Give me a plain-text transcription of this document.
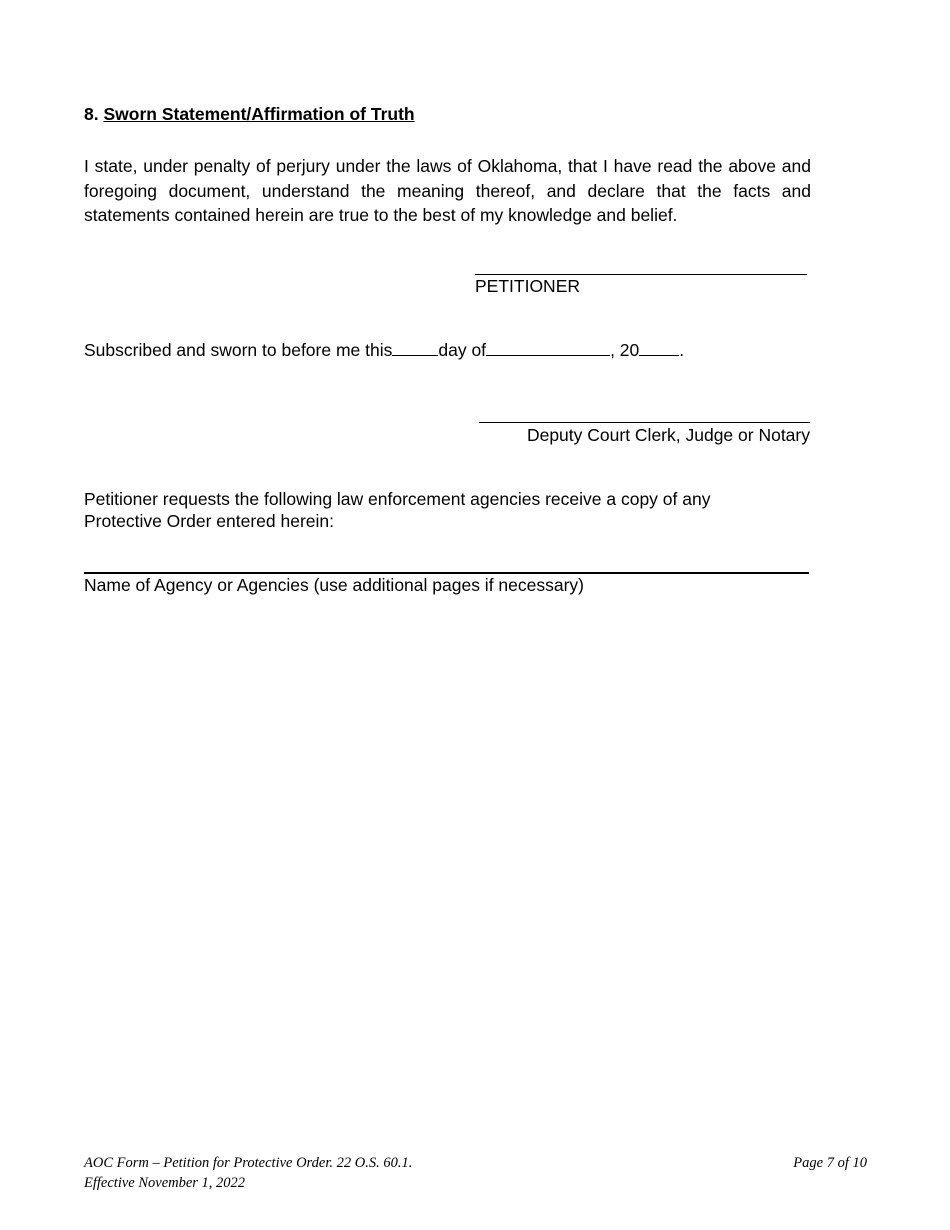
8. Sworn Statement/Affirmation of Truth
I state, under penalty of perjury under the laws of Oklahoma, that I have read the above and foregoing document, understand the meaning thereof, and declare that the facts and statements contained herein are true to the best of my knowledge and belief.
PETITIONER
Subscribed and sworn to before me this	day of	, 20 .
Deputy Court Clerk, Judge or Notary
Petitioner requests the following law enforcement agencies receive a copy of any
Protective Order entered herein:
Name of Agency or Agencies (use additional pages if necessary)
AOC Form – Petition for Protective Order. 22 O.S. 60.1.
Effective November 1, 2022
Page 7 of 10
